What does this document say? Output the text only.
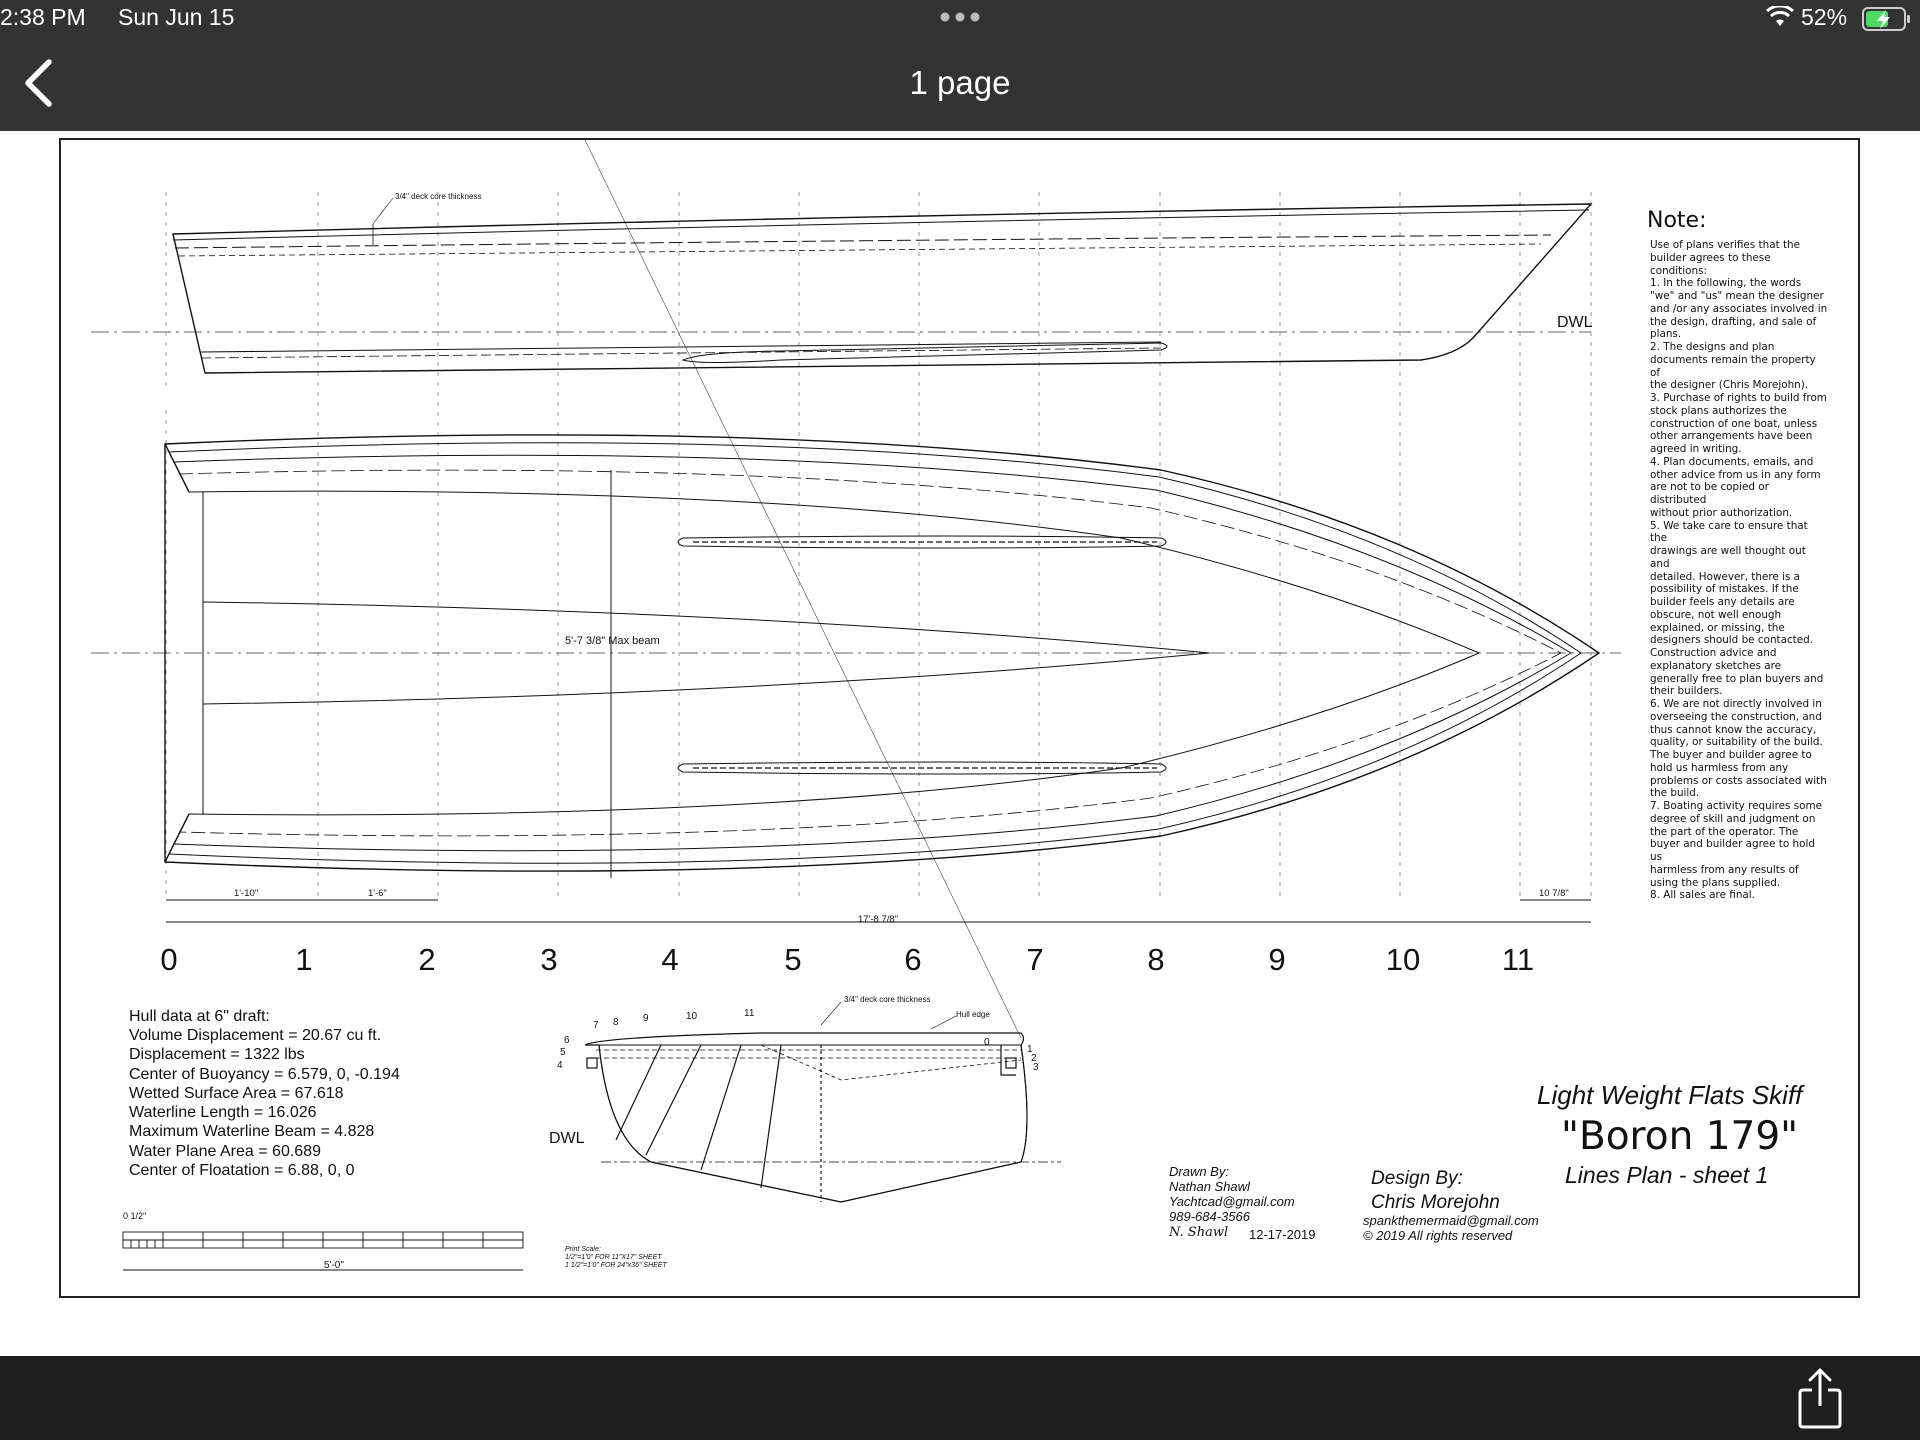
2:38 PM Sun Jun 15	52%
1 page
3/4" deck core thickness
Note:
Use of plans verifies that the
builder agrees to these
conditions:
1. In the following, the words
"we" and "us" mean the designer
and /or any associates involved in
the design, drafting, and sale of
plans.
2. The designs and plan
documents remain the property of
the designer (Chris Morejohn).
3. Purchase of rights to build from
stock plans authorizes the
construction of one boat, unless
other arrangements have been
agreed in writing.
4. Plan documents, emails, and
other advice from us in any form
are not to be copied or distributed
without prior authorization.
5. We take care to ensure that the
drawings are well thought out and
detailed. However, there is a
possibility of mistakes. If the
builder feels any details are
obscure, not well enough
explained, or missing, the
designers should be contacted.
Construction advice and
explanatory sketches are
generally free to plan buyers and
their builders.
6. We are not directly involved in
overseeing the construction, and
thus cannot know the accuracy,
quality, or suitability of the build.
The buyer and builder agree to
hold us harmless from any
problems or costs associated with
the build.
7. Boating activity requires some
degree of skill and judgment on
the part of the operator. The
buyer and builder agree to hold us
harmless from any results of
using the plans supplied.
8. All sales are final.
DWL
5'-7 3/8" Max beam
1'-10"	1'-6"
17'-8 7/8"
10 7/8"
0	1	2	3	4	5	6	7	8	9	10	11
Hull data at 6" draft:
Volume Displacement = 20.67 cu ft.
Displacement = 1322 lbs
Center of Buoyancy = 6.579, 0, -0.194
Wetted Surface Area = 67.618
Waterline Length = 16.026
Maximum Waterline Beam = 4.828
Water Plane Area = 60.689
Center of Floatation = 6.88, 0, 0
DWL
3/4" deck core thickness
Hull edge
7 8 9	10	11
6
5
4
0
1
2
3
0 1/2"
5'-0"
Print Scale:
1/2"=1'0" FOR 11"X17" SHEET
1 1/2"=1'0" FOR 24"x36" SHEET
Drawn By:
Nathan Shawl
Yachtcad@gmail.com
989-684-3566
N. Shawl 12-17-2019
Design By:
Chris Morejohn
spankthemermaid@gmail.com
© 2019 All rights reserved
Light Weight Flats Skiff
"Boron 179"
Lines Plan - sheet 1
